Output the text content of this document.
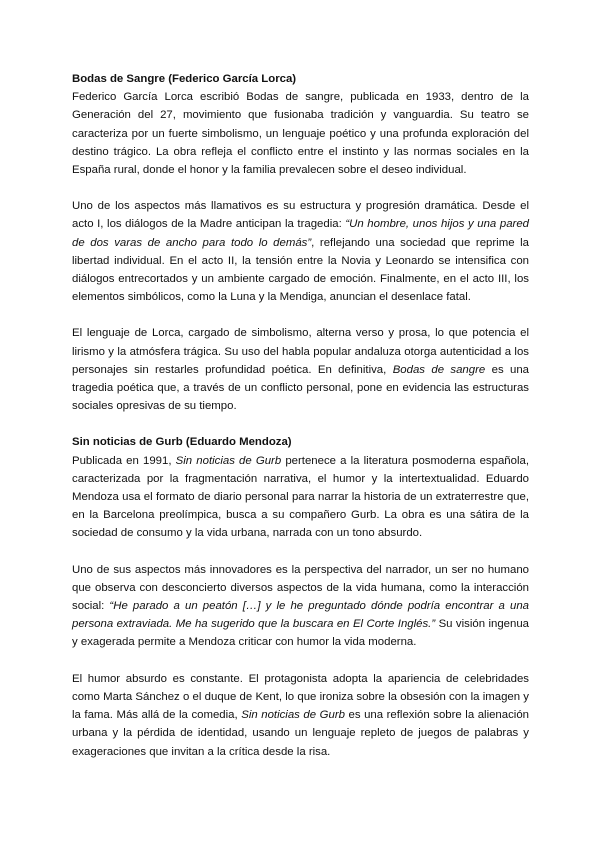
Bodas de Sangre (Federico García Lorca)

Federico García Lorca escribió Bodas de sangre, publicada en 1933, dentro de la Generación del 27, movimiento que fusionaba tradición y vanguardia. Su teatro se caracteriza por un fuerte simbolismo, un lenguaje poético y una profunda exploración del destino trágico. La obra refleja el conflicto entre el instinto y las normas sociales en la España rural, donde el honor y la familia prevalecen sobre el deseo individual.

Uno de los aspectos más llamativos es su estructura y progresión dramática. Desde el acto I, los diálogos de la Madre anticipan la tragedia: “Un hombre, unos hijos y una pared de dos varas de ancho para todo lo demás”, reflejando una sociedad que reprime la libertad individual. En el acto II, la tensión entre la Novia y Leonardo se intensifica con diálogos entrecortados y un ambiente cargado de emoción. Finalmente, en el acto III, los elementos simbólicos, como la Luna y la Mendiga, anuncian el desenlace fatal.

El lenguaje de Lorca, cargado de simbolismo, alterna verso y prosa, lo que potencia el lirismo y la atmósfera trágica. Su uso del habla popular andaluza otorga autenticidad a los personajes sin restarles profundidad poética. En definitiva, Bodas de sangre es una tragedia poética que, a través de un conflicto personal, pone en evidencia las estructuras sociales opresivas de su tiempo.

Sin noticias de Gurb (Eduardo Mendoza)

Publicada en 1991, Sin noticias de Gurb pertenece a la literatura posmoderna española, caracterizada por la fragmentación narrativa, el humor y la intertextualidad. Eduardo Mendoza usa el formato de diario personal para narrar la historia de un extraterrestre que, en la Barcelona preolímpica, busca a su compañero Gurb. La obra es una sátira de la sociedad de consumo y la vida urbana, narrada con un tono absurdo.

Uno de sus aspectos más innovadores es la perspectiva del narrador, un ser no humano que observa con desconcierto diversos aspectos de la vida humana, como la interacción social: “He parado a un peatón […] y le he preguntado dónde podría encontrar a una persona extraviada. Me ha sugerido que la buscara en El Corte Inglés.” Su visión ingenua y exagerada permite a Mendoza criticar con humor la vida moderna.

El humor absurdo es constante. El protagonista adopta la apariencia de celebridades como Marta Sánchez o el duque de Kent, lo que ironiza sobre la obsesión con la imagen y la fama. Más allá de la comedia, Sin noticias de Gurb es una reflexión sobre la alienación urbana y la pérdida de identidad, usando un lenguaje repleto de juegos de palabras y exageraciones que invitan a la crítica desde la risa.
